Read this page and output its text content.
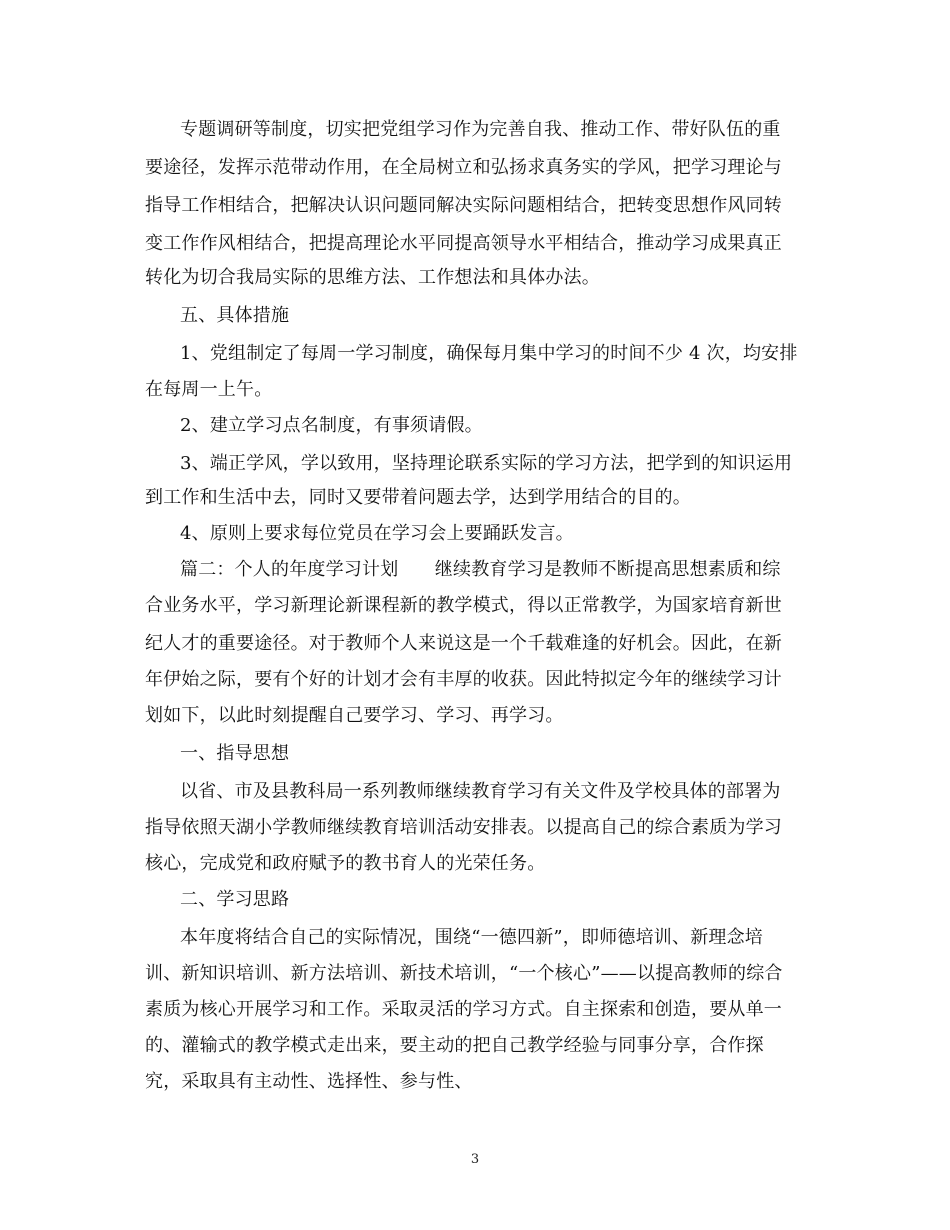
专题调研等制度，切实把党组学习作为完善自我、推动工作、带好队伍的重
要途径，发挥示范带动作用，在全局树立和弘扬求真务实的学风，把学习理论与
指导工作相结合，把解决认识问题同解决实际问题相结合，把转变思想作风同转
变工作作风相结合，把提高理论水平同提高领导水平相结合，推动学习成果真正
转化为切合我局实际的思维方法、工作想法和具体办法。
五、具体措施
1、党组制定了每周一学习制度，确保每月集中学习的时间不少 4 次，均安排
在每周一上午。
2、建立学习点名制度，有事须请假。
3、端正学风，学以致用，坚持理论联系实际的学习方法，把学到的知识运用
到工作和生活中去，同时又要带着问题去学，达到学用结合的目的。
4、原则上要求每位党员在学习会上要踊跃发言。
篇二：个人的年度学习计划　　继续教育学习是教师不断提高思想素质和综
合业务水平，学习新理论新课程新的教学模式，得以正常教学，为国家培育新世
纪人才的重要途径。对于教师个人来说这是一个千载难逢的好机会。因此，在新
年伊始之际，要有个好的计划才会有丰厚的收获。因此特拟定今年的继续学习计
划如下，以此时刻提醒自己要学习、学习、再学习。
一、指导思想
以省、市及县教科局一系列教师继续教育学习有关文件及学校具体的部署为
指导依照天湖小学教师继续教育培训活动安排表。以提高自己的综合素质为学习
核心，完成党和政府赋予的教书育人的光荣任务。
二、学习思路
本年度将结合自己的实际情况，围绕“一德四新”，即师德培训、新理念培
训、新知识培训、新方法培训、新技术培训，“一个核心”——以提高教师的综合
素质为核心开展学习和工作。采取灵活的学习方式。自主探索和创造，要从单一
的、灌输式的教学模式走出来，要主动的把自己教学经验与同事分享，合作探
究，采取具有主动性、选择性、参与性、
3
